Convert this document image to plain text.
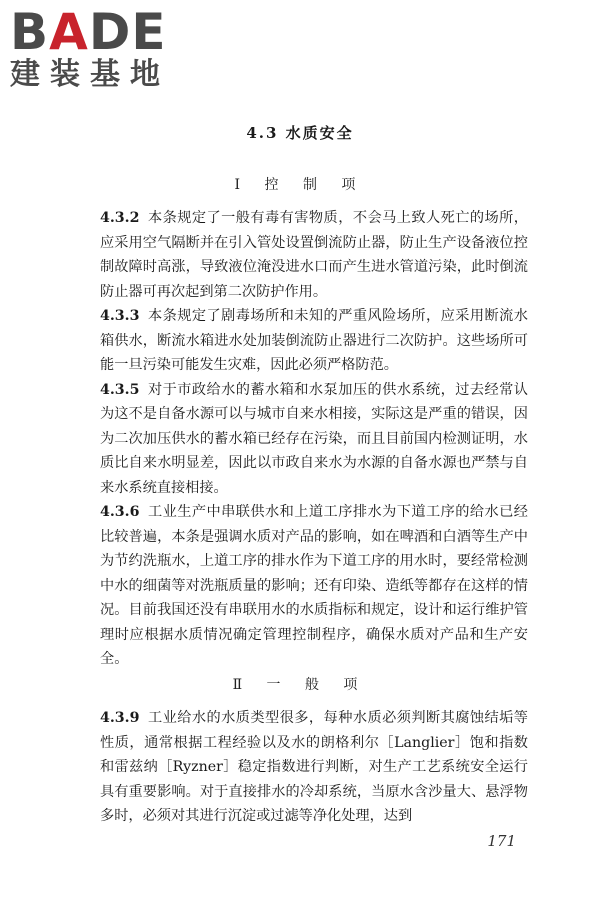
BADE
建装基地
4.3 水质安全
Ⅰ 控 制 项

4.3.2 本条规定了一般有毒有害物质，不会马上致人死亡的场所，应采用空气隔断并在引入管处设置倒流防止器，防止生产设备液位控制故障时高涨，导致液位淹没进水口而产生进水管道污染，此时倒流防止器可再次起到第二次防护作用。

4.3.3 本条规定了剧毒场所和未知的严重风险场所，应采用断流水箱供水，断流水箱进水处加装倒流防止器进行二次防护。这些场所可能一旦污染可能发生灾难，因此必须严格防范。

4.3.5 对于市政给水的蓄水箱和水泵加压的供水系统，过去经常认为这不是自备水源可以与城市自来水相接，实际这是严重的错误，因为二次加压供水的蓄水箱已经存在污染，而且目前国内检测证明，水质比自来水明显差，因此以市政自来水为水源的自备水源也严禁与自来水系统直接相接。

4.3.6 工业生产中串联供水和上道工序排水为下道工序的给水已经比较普遍，本条是强调水质对产品的影响，如在啤酒和白酒等生产中为节约洗瓶水，上道工序的排水作为下道工序的用水时，要经常检测中水的细菌等对洗瓶质量的影响；还有印染、造纸等都存在这样的情况。目前我国还没有串联用水的水质指标和规定，设计和运行维护管理时应根据水质情况确定管理控制程序，确保水质对产品和生产安全。

Ⅱ 一 般 项

4.3.9 工业给水的水质类型很多，每种水质必须判断其腐蚀结垢等性质，通常根据工程经验以及水的朗格利尔［Langlier］饱和指数和雷兹纳［Ryzner］稳定指数进行判断，对生产工艺系统安全运行具有重要影响。对于直接排水的冷却系统，当原水含沙量大、悬浮物多时，必须对其进行沉淀或过滤等净化处理，达到

171
